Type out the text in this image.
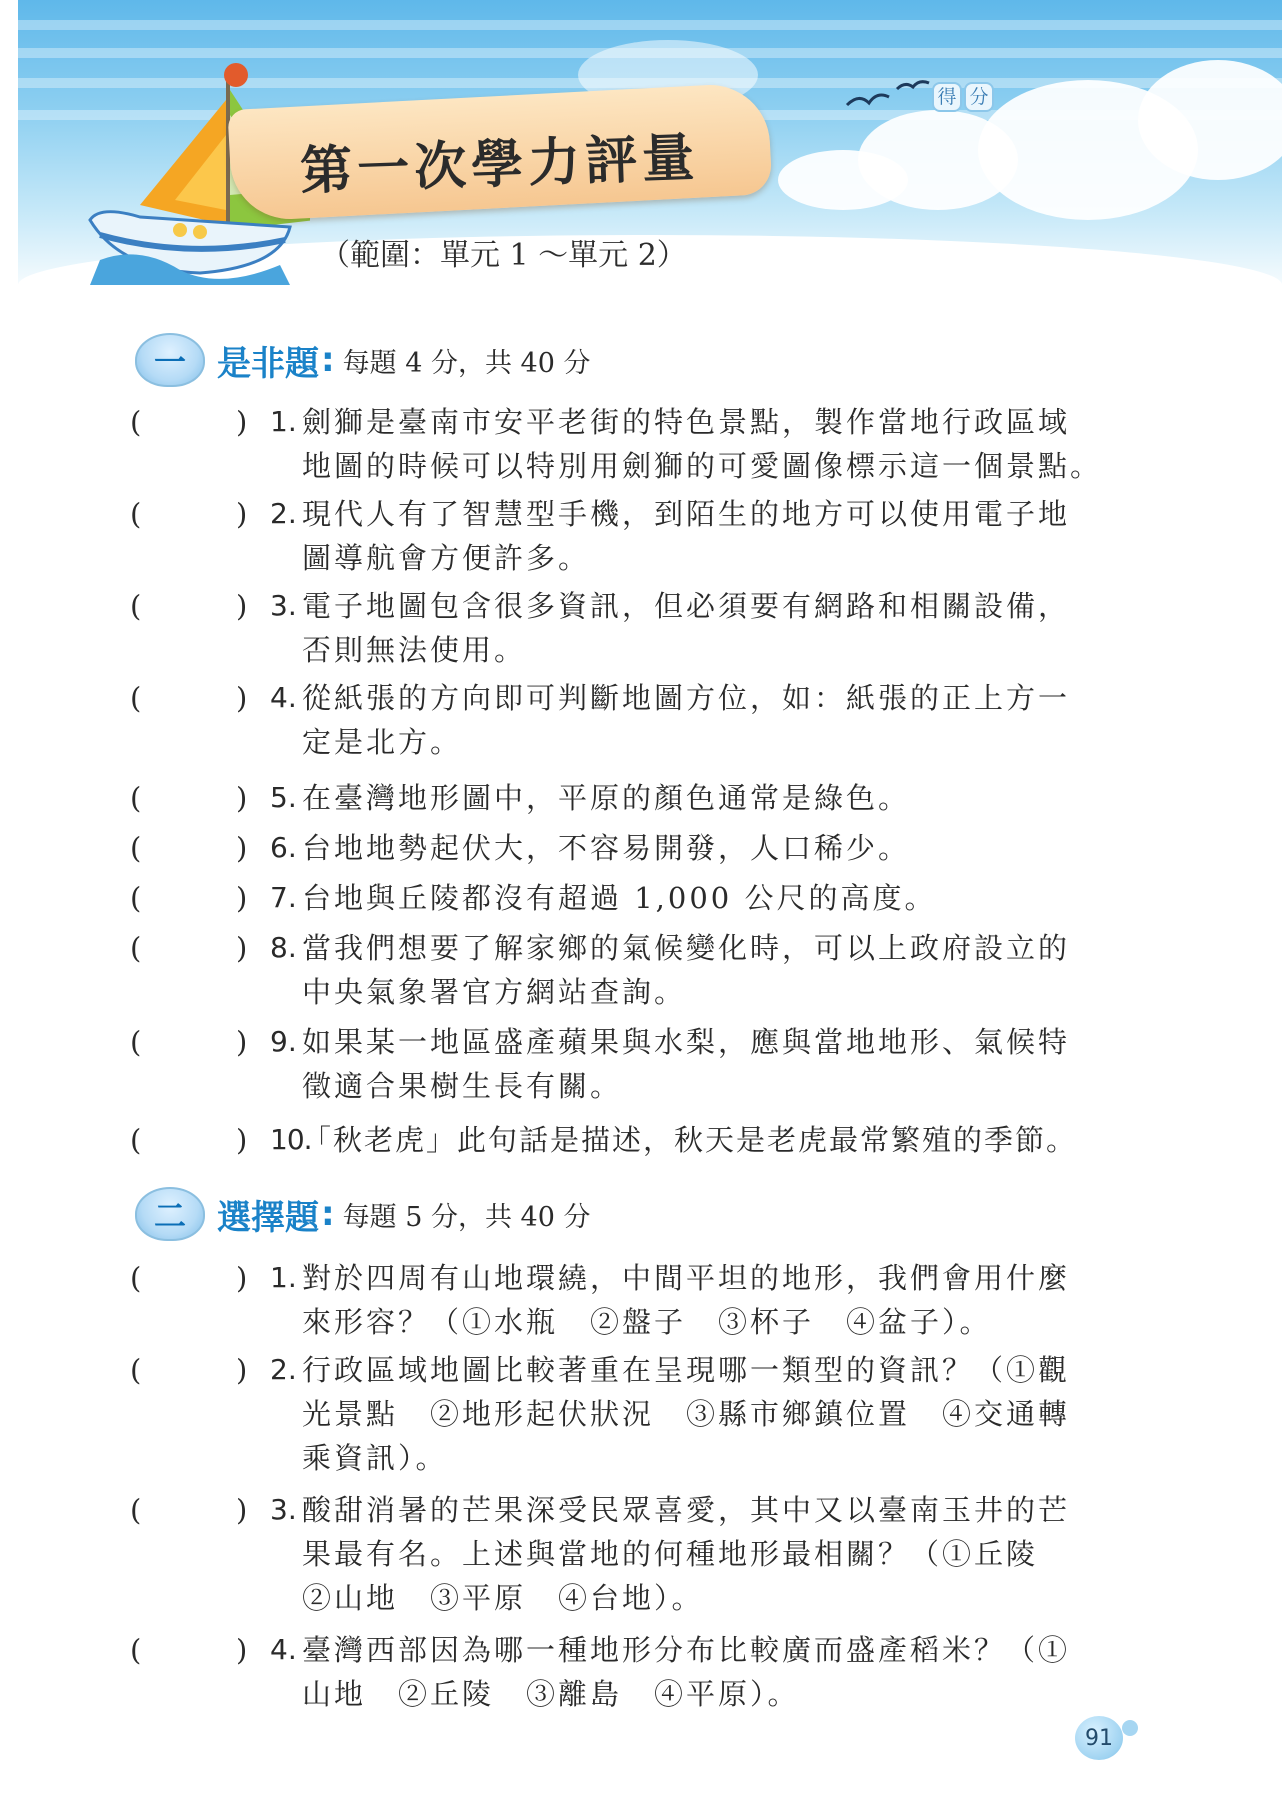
第一次學力評量
（範圍：單元 1 ～單元 2）
得 分
一 是非題 : 每題 4 分，共 40 分
(	) 1. 劍獅是臺南市安平老街的特色景點，製作當地行政區域
地圖的時候可以特別用劍獅的可愛圖像標示這一個景點。
(	) 2. 現代人有了智慧型手機，到陌生的地方可以使用電子地
圖導航會方便許多。
(	) 3. 電子地圖包含很多資訊，但必須要有網路和相關設備，
否則無法使用。
(	) 4. 從紙張的方向即可判斷地圖方位，如：紙張的正上方一
定是北方。
(	) 5. 在臺灣地形圖中，平原的顏色通常是綠色。
(	) 6. 台地地勢起伏大，不容易開發，人口稀少。
(	) 7. 台地與丘陵都沒有超過 1,000 公尺的高度。
(	) 8. 當我們想要了解家鄉的氣候變化時，可以上政府設立的
中央氣象署官方網站查詢。
(	) 9. 如果某一地區盛產蘋果與水梨，應與當地地形、氣候特
徵適合果樹生長有關。
(	) 10.
「秋老虎」此句話是描述，秋天是老虎最常繁殖的季節。
二 選擇題 : 每題 5 分，共 40 分
(	) 1. 對於四周有山地環繞，中間平坦的地形，我們會用什麼
來形容？（①水瓶　②盤子　③杯子　④盆子）。
(	) 2. 行政區域地圖比較著重在呈現哪一類型的資訊？（①觀
光景點　②地形起伏狀況　③縣市鄉鎮位置　④交通轉
乘資訊）。
(	) 3. 酸甜消暑的芒果深受民眾喜愛，其中又以臺南玉井的芒
果最有名。上述與當地的何種地形最相關？（①丘陵
②山地　③平原　④台地）。
(	) 4. 臺灣西部因為哪一種地形分布比較廣而盛產稻米？（①
山地　②丘陵　③離島　④平原）。
91
